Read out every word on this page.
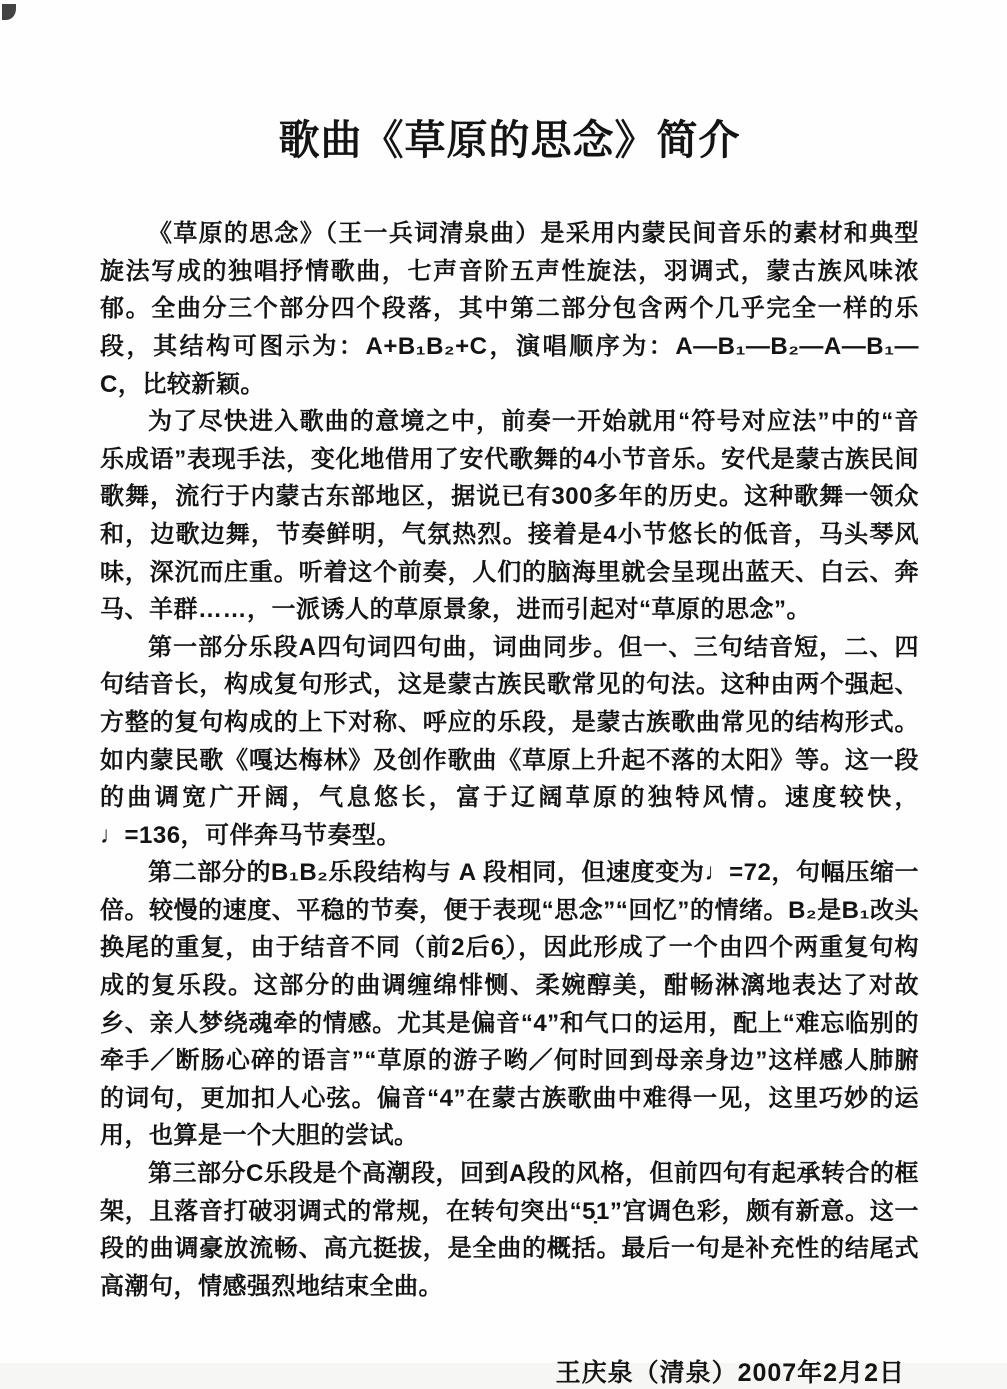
歌曲《草原的思念》简介

《草原的思念》（王一兵词清泉曲）是采用内蒙民间音乐的素材和典型旋法写成的独唱抒情歌曲，七声音阶五声性旋法，羽调式，蒙古族风味浓郁。全曲分三个部分四个段落，其中第二部分包含两个几乎完全一样的乐段，其结构可图示为：A+B₁B₂+C，演唱顺序为：A—B₁—B₂—A—B₁—C，比较新颖。

为了尽快进入歌曲的意境之中，前奏一开始就用“符号对应法”中的“音乐成语”表现手法，变化地借用了安代歌舞的4小节音乐。安代是蒙古族民间歌舞，流行于内蒙古东部地区，据说已有300多年的历史。这种歌舞一领众和，边歌边舞，节奏鲜明，气氛热烈。接着是4小节悠长的低音，马头琴风味，深沉而庄重。听着这个前奏，人们的脑海里就会呈现出蓝天、白云、奔马、羊群……，一派诱人的草原景象，进而引起对“草原的思念”。

第一部分乐段A四句词四句曲，词曲同步。但一、三句结音短，二、四句结音长，构成复句形式，这是蒙古族民歌常见的句法。这种由两个强起、方整的复句构成的上下对称、呼应的乐段，是蒙古族歌曲常见的结构形式。如内蒙民歌《嘎达梅林》及创作歌曲《草原上升起不落的太阳》等。这一段的曲调宽广开阔，气息悠长，富于辽阔草原的独特风情。速度较快，♩=136，可伴奔马节奏型。

第二部分的B₁B₂乐段结构与 A 段相同，但速度变为♩=72，句幅压缩一倍。较慢的速度、平稳的节奏，便于表现“思念”“回忆”的情绪。B₂是B₁改头换尾的重复，由于结音不同（前2后6̣），因此形成了一个由四个两重复句构成的复乐段。这部分的曲调缠绵悱恻、柔婉醇美，酣畅淋漓地表达了对故乡、亲人梦绕魂牵的情感。尤其是偏音“4”和气口的运用，配上“难忘临别的牵手／断肠心碎的语言”“草原的游子哟／何时回到母亲身边”这样感人肺腑的词句，更加扣人心弦。偏音“4”在蒙古族歌曲中难得一见，这里巧妙的运用，也算是一个大胆的尝试。

第三部分C乐段是个高潮段，回到A段的风格，但前四句有起承转合的框架，且落音打破羽调式的常规，在转句突出“5̣1”宫调色彩，颇有新意。这一段的曲调豪放流畅、高亢挺拔，是全曲的概括。最后一句是补充性的结尾式高潮句，情感强烈地结束全曲。

王庆泉（清泉）2007年2月2日
